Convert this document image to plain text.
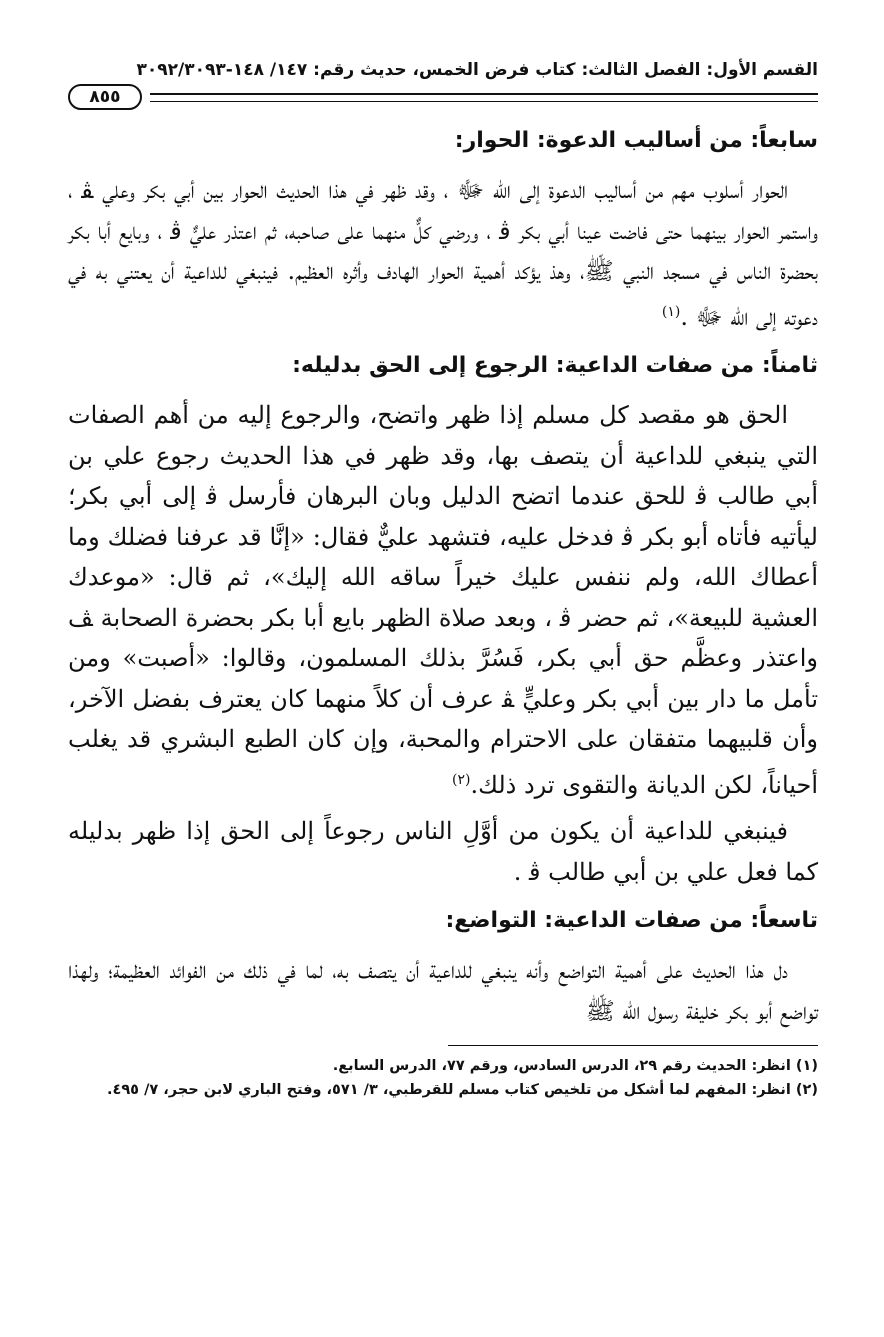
القسم الأول: الفصل الثالث: كتاب فرض الخمس، حديث رقم: ١٤٧/ ١٤٨-٣٠٩٢/٣٠٩٣
٨٥٥
سابعاً: من أساليب الدعوة: الحوار:

الحوار أسلوب مهم من أساليب الدعوة إلى الله ﷻ ، وقد ظهر في هذا الحديث الحوار بين أبي بكر وعلي ﭭ ، واستمر الحوار بينهما حتى فاضت عينا أبي بكر ﭬ ، ورضي كلٌّ منهما على صاحبه، ثم اعتذر عليٌّ ﭬ ، وبايع أبا بكر بحضرة الناس في مسجد النبي ﷺ، وهذ يؤكد أهمية الحوار الهادف وأثره العظيم. فينبغي للداعية أن يعتني به في دعوته إلى الله ﷻ .$^{(١)}$

ثامناً: من صفات الداعية: الرجوع إلى الحق بدليله:

الحق هو مقصد كل مسلم إذا ظهر واتضح، والرجوع إليه من أهم الصفات التي ينبغي للداعية أن يتصف بها، وقد ظهر في هذا الحديث رجوع علي بن أبي طالب ﭬ للحق عندما اتضح الدليل وبان البرهان فأرسل ﭬ إلى أبي بكر؛ ليأتيه فأتاه أبو بكر ﭬ فدخل عليه، فتشهد عليٌّ فقال: «إنَّا قد عرفنا فضلك وما أعطاك الله، ولم ننفس عليك خيراً ساقه الله إليك»، ثم قال: «موعدك العشية للبيعة»، ثم حضر ﭬ ، وبعد صلاة الظهر بايع أبا بكر بحضرة الصحابة ﭫ واعتذر وعظَّم حق أبي بكر، فَسُرَّ بذلك المسلمون، وقالوا: «أصبت» ومن تأمل ما دار بين أبي بكر وعليٍّ ﭭ عرف أن كلاً منهما كان يعترف بفضل الآخر، وأن قلبيهما متفقان على الاحترام والمحبة، وإن كان الطبع البشري قد يغلب أحياناً، لكن الديانة والتقوى ترد ذلك.$^{(٢)}$

فينبغي للداعية أن يكون من أوَّلِ الناس رجوعاً إلى الحق إذا ظهر بدليله كما فعل علي بن أبي طالب ﭬ .

تاسعاً: من صفات الداعية: التواضع:

دل هذا الحديث على أهمية التواضع وأنه ينبغي للداعية أن يتصف به، لما في ذلك من الفوائد العظيمة؛ ولهذا تواضع أبو بكر خليفة رسول الله ﷺ

(١) انظر: الحديث رقم ٢٩، الدرس السادس، ورقم ٧٧، الدرس السابع.

(٢) انظر: المفهم لما أشكل من تلخيص كتاب مسلم للقرطبي، ٣/ ٥٧١، وفتح الباري لابن حجر، ٧/ ٤٩٥.
